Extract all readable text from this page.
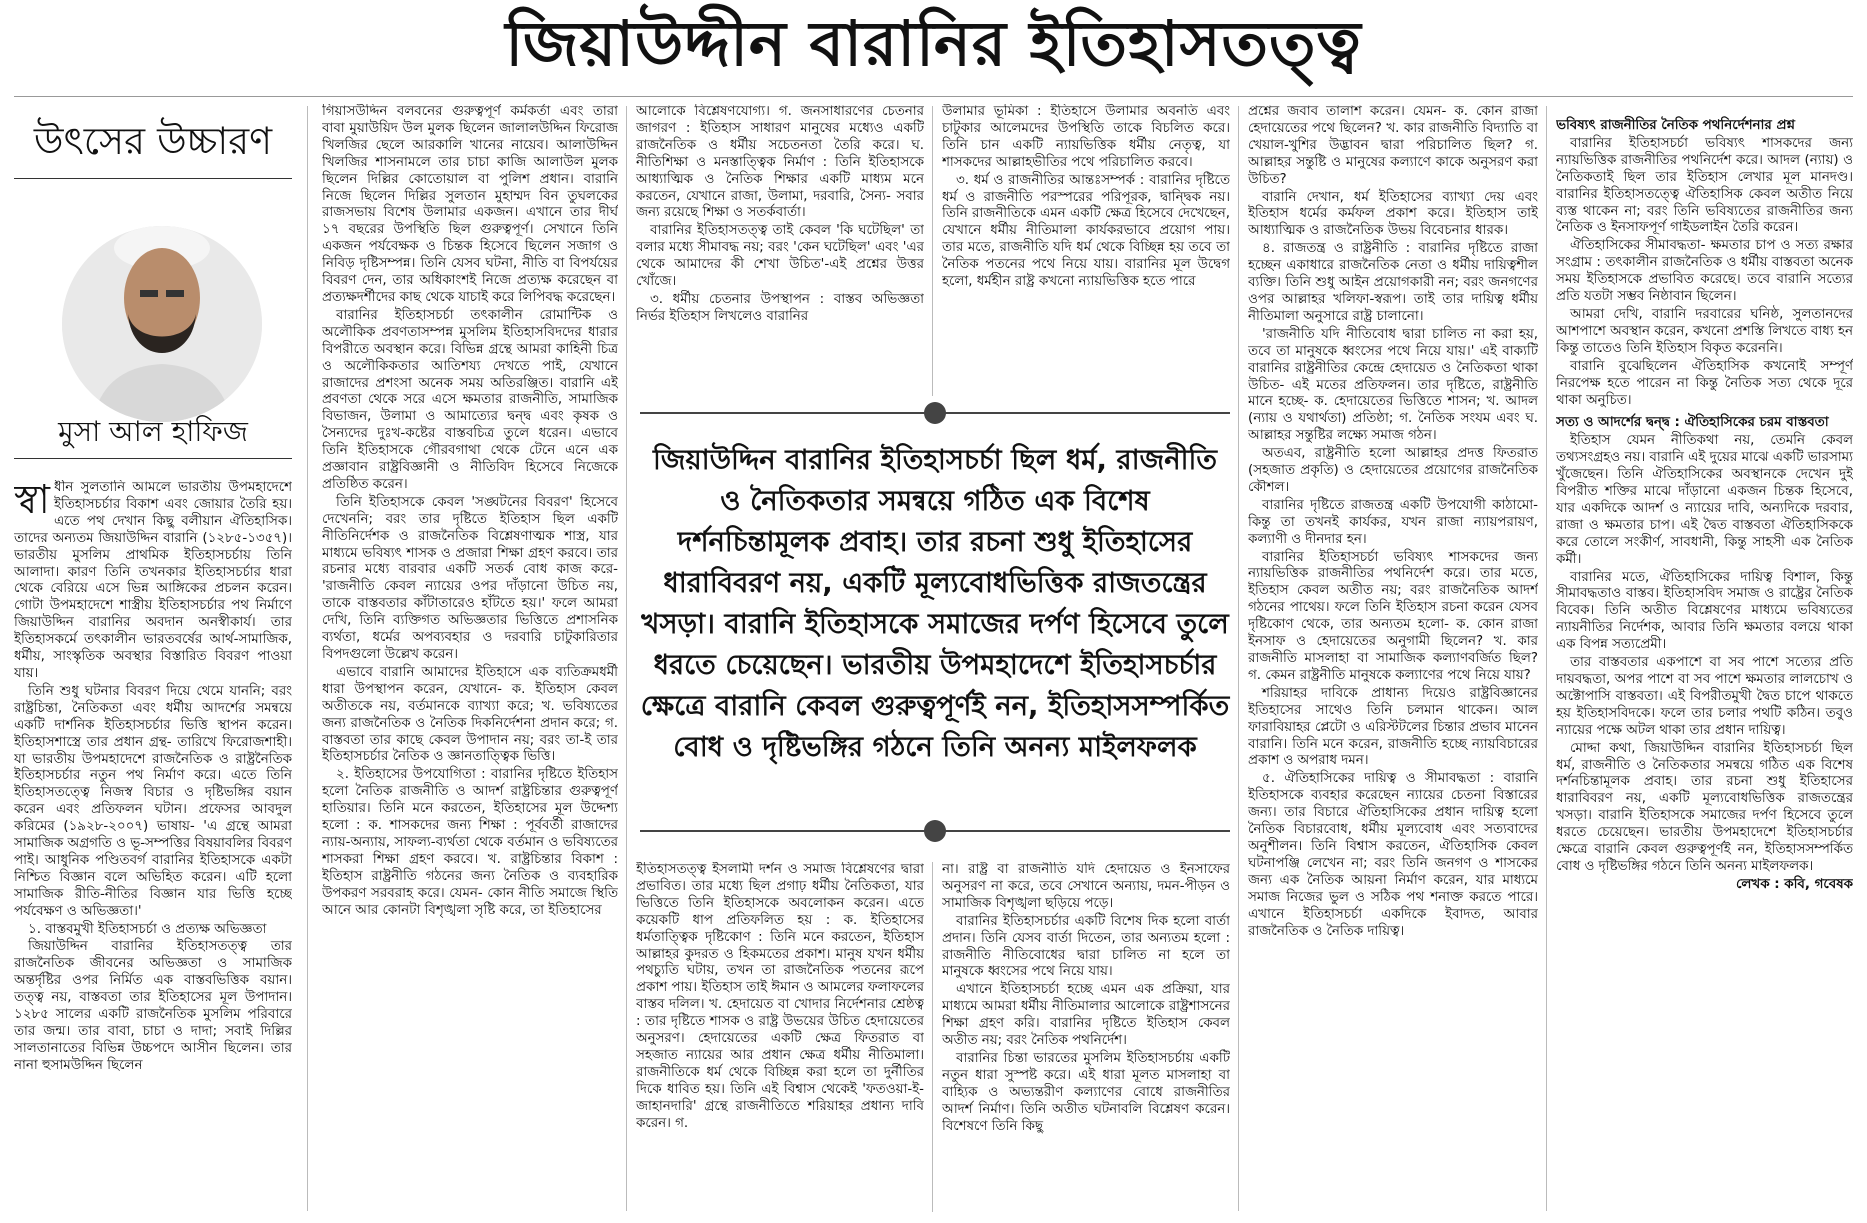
জিয়াউদ্দীন বারানির ইতিহাসতত্ত্ব
উৎসের উচ্চারণ
মুসা আল হাফিজ

স্বা ধীন সুলতানি আমলে ভারতীয় উপমহাদেশে ইতিহাসচর্চার বিকাশ এবং জোয়ার তৈরি হয়। এতে পথ দেখান কিছু বলীয়ান ঐতিহাসিক। তাদের অন্যতম জিয়াউদ্দিন বারানি (১২৮৫-১৩৫৭)। ভারতীয় মুসলিম প্রাথমিক ইতিহাসচর্চায় তিনি আলাদা। কারণ তিনি তখনকার ইতিহাসচর্চার ধারা থেকে বেরিয়ে এসে ভিন্ন আঙ্গিকের প্রচলন করেন। গোটা উপমহাদেশে শাস্ত্রীয় ইতিহাসচর্চার পথ নির্মাণে জিয়াউদ্দিন বারানির অবদান অনস্বীকার্য। তার ইতিহাসকর্মে তৎকালীন ভারতবর্ষের আর্থ-সামাজিক, ধর্মীয়, সাংস্কৃতিক অবস্থার বিস্তারিত বিবরণ পাওয়া যায়।

তিনি শুধু ঘটনার বিবরণ দিয়ে থেমে যাননি; বরং রাষ্ট্রচিন্তা, নৈতিকতা এবং ধর্মীয় আদর্শের সমন্বয়ে একটি দার্শনিক ইতিহাসচর্চার ভিত্তি স্থাপন করেন। ইতিহাসশাস্ত্রে তার প্রধান গ্রন্থ- তারিখে ফিরোজশাহী। যা ভারতীয় উপমহাদেশে রাজনৈতিক ও রাষ্ট্রনৈতিক ইতিহাসচর্চার নতুন পথ নির্মাণ করে। এতে তিনি ইতিহাসতত্ত্বে নিজস্ব বিচার ও দৃষ্টিভঙ্গির বয়ান করেন এবং প্রতিফলন ঘটান। প্রফেসর আবদুল করিমের (১৯২৮-২০০৭) ভাষায়- 'এ গ্রন্থে আমরা সামাজিক অগ্রগতি ও ভূ-সম্পত্তির বিষয়াবলির বিবরণ পাই। আধুনিক পণ্ডিতবর্গ বারানির ইতিহাসকে একটা নিশ্চিত বিজ্ঞান বলে অভিহিত করেন। এটি হলো সামাজিক রীতি-নীতির বিজ্ঞান যার ভিত্তি হচ্ছে পর্যবেক্ষণ ও অভিজ্ঞতা।'

১. বাস্তবমুখী ইতিহাসচর্চা ও প্রত্যক্ষ অভিজ্ঞতা

জিয়াউদ্দিন বারানির ইতিহাসতত্ত্ব তার রাজনৈতিক জীবনের অভিজ্ঞতা ও সামাজিক অন্তর্দৃষ্টির ওপর নির্মিত এক বাস্তবভিত্তিক বয়ান। তত্ত্ব নয়, বাস্তবতা তার ইতিহাসের মূল উপাদান। ১২৮৫ সালের একটি রাজনৈতিক মুসলিম পরিবারে তার জন্ম। তার বাবা, চাচা ও দাদা; সবাই দিল্লির সালতানাতের বিভিন্ন উচ্চপদে আসীন ছিলেন। তার নানা হুসামউদ্দিন ছিলেন

গিয়াসউদ্দিন বলবনের গুরুত্বপূর্ণ কর্মকর্তা এবং তারা বাবা মুয়াউয়িদ উল মুলক ছিলেন জালালউদ্দিন ফিরোজ খিলজির ছেলে আরকালি খানের নায়েব। আলাউদ্দিন খিলজির শাসনামলে তার চাচা কাজি আলাউল মুলক ছিলেন দিল্লির কোতোয়াল বা পুলিশ প্রধান। বারানি নিজে ছিলেন দিল্লির সুলতান মুহাম্মদ বিন তুঘলকের রাজসভায় বিশেষ উলামার একজন। এখানে তার দীর্ঘ ১৭ বছরের উপস্থিতি ছিল গুরুত্বপূর্ণ। সেখানে তিনি একজন পর্যবেক্ষক ও চিন্তক হিসেবে ছিলেন সজাগ ও নিবিড় দৃষ্টিসম্পন্ন। তিনি যেসব ঘটনা, নীতি বা বিপর্যয়ের বিবরণ দেন, তার অধিকাংশই নিজে প্রত্যক্ষ করেছেন বা প্রত্যক্ষদর্শীদের কাছ থেকে যাচাই করে লিপিবদ্ধ করেছেন।

বারানির ইতিহাসচর্চা তৎকালীন রোমান্টিক ও অলৌকিক প্রবণতাসম্পন্ন মুসলিম ইতিহাসবিদদের ধারার বিপরীতে অবস্থান করে। বিভিন্ন গ্রন্থে আমরা কাহিনী চিত্র ও অলৌকিকতার আতিশয্য দেখতে পাই, যেখানে রাজাদের প্রশংসা অনেক সময় অতিরঞ্জিত। বারানি এই প্রবণতা থেকে সরে এসে ক্ষমতার রাজনীতি, সামাজিক বিভাজন, উলামা ও আমাত্যের দ্বন্দ্ব এবং কৃষক ও সৈন্যদের দুঃখ-কষ্টের বাস্তবচিত্র তুলে ধরেন। এভাবে তিনি ইতিহাসকে গৌরবগাথা থেকে টেনে এনে এক প্রজ্ঞাবান রাষ্ট্রবিজ্ঞানী ও নীতিবিদ হিসেবে নিজেকে প্রতিষ্ঠিত করেন।

তিনি ইতিহাসকে কেবল 'সঙ্ঘটনের বিবরণ' হিসেবে দেখেননি; বরং তার দৃষ্টিতে ইতিহাস ছিল একটি নীতিনির্দেশক ও রাজনৈতিক বিশ্লেষণাত্মক শাস্ত্র, যার মাধ্যমে ভবিষ্যৎ শাসক ও প্রজারা শিক্ষা গ্রহণ করবে। তার রচনার মধ্যে বারবার একটি সতর্ক বোধ কাজ করে- 'রাজনীতি কেবল ন্যায়ের ওপর দাঁড়ানো উচিত নয়, তাকে বাস্তবতার কাঁটাতারেও হাঁটতে হয়।' ফলে আমরা দেখি, তিনি ব্যক্তিগত অভিজ্ঞতার ভিত্তিতে প্রশাসনিক ব্যর্থতা, ধর্মের অপব্যবহার ও দরবারি চাটুকারিতার বিপদগুলো উল্লেখ করেন।

এভাবে বারানি আমাদের ইতিহাসে এক ব্যতিক্রমধর্মী ধারা উপস্থাপন করেন, যেখানে- ক. ইতিহাস কেবল অতীতকে নয়, বর্তমানকে ব্যাখ্যা করে; খ. ভবিষ্যতের জন্য রাজনৈতিক ও নৈতিক দিকনির্দেশনা প্রদান করে; গ. বাস্তবতা তার কাছে কেবল উপাদান নয়; বরং তা-ই তার ইতিহাসচর্চার নৈতিক ও জ্ঞানতাত্ত্বিক ভিত্তি।

২. ইতিহাসের উপযোগিতা : বারানির দৃষ্টিতে ইতিহাস হলো নৈতিক রাজনীতি ও আদর্শ রাষ্ট্রচিন্তার গুরুত্বপূর্ণ হাতিয়ার। তিনি মনে করতেন, ইতিহাসের মূল উদ্দেশ্য হলো : ক. শাসকদের জন্য শিক্ষা : পূর্ববর্তী রাজাদের ন্যায়-অন্যায়, সাফল্য-ব্যর্থতা থেকে বর্তমান ও ভবিষ্যতের শাসকরা শিক্ষা গ্রহণ করবে। খ. রাষ্ট্রচিন্তার বিকাশ : ইতিহাস রাষ্ট্রনীতি গঠনের জন্য নৈতিক ও ব্যবহারিক উপকরণ সরবরাহ করে। যেমন- কোন নীতি সমাজে স্থিতি আনে আর কোনটা বিশৃঙ্খলা সৃষ্টি করে, তা ইতিহাসের

আলোকে বিশ্লেষণযোগ্য। গ. জনসাধারণের চেতনার জাগরণ : ইতিহাস সাধারণ মানুষের মধ্যেও একটি রাজনৈতিক ও ধর্মীয় সচেতনতা তৈরি করে। ঘ. নীতিশিক্ষা ও মনস্তাত্ত্বিক নির্মাণ : তিনি ইতিহাসকে আধ্যাত্মিক ও নৈতিক শিক্ষার একটি মাধ্যম মনে করতেন, যেখানে রাজা, উলামা, দরবারি, সৈন্য- সবার জন্য রয়েছে শিক্ষা ও সতর্কবার্তা।

বারানির ইতিহাসতত্ত্ব তাই কেবল 'কি ঘটেছিল' তা বলার মধ্যে সীমাবদ্ধ নয়; বরং 'কেন ঘটেছিল' এবং 'এর থেকে আমাদের কী শেখা উচিত'-এই প্রশ্নের উত্তর খোঁজে।

৩. ধর্মীয় চেতনার উপস্থাপন : বাস্তব অভিজ্ঞতা নির্ভর ইতিহাস লিখলেও বারানির

উলামার ভূমিকা : ইতিহাসে উলামার অবনতি এবং চাটুকার আলেমদের উপস্থিতি তাকে বিচলিত করে। তিনি চান একটি ন্যায়ভিত্তিক ধর্মীয় নেতৃত্ব, যা শাসকদের আল্লাহভীতির পথে পরিচালিত করবে।

৩. ধর্ম ও রাজনীতির আন্তঃসম্পর্ক : বারানির দৃষ্টিতে ধর্ম ও রাজনীতি পরস্পরের পরিপূরক, দ্বান্দ্বিক নয়। তিনি রাজনীতিকে এমন একটি ক্ষেত্র হিসেবে দেখেছেন, যেখানে ধর্মীয় নীতিমালা কার্যকরভাবে প্রয়োগ পায়। তার মতে, রাজনীতি যদি ধর্ম থেকে বিচ্ছিন্ন হয় তবে তা নৈতিক পতনের পথে নিয়ে যায়। বারানির মূল উদ্বেগ হলো, ধর্মহীন রাষ্ট্র কখনো ন্যায়ভিত্তিক হতে পারে

জিয়াউদ্দিন বারানির ইতিহাসচর্চা ছিল ধর্ম, রাজনীতি ও নৈতিকতার সমন্বয়ে গঠিত এক বিশেষ দর্শনচিন্তামূলক প্রবাহ। তার রচনা শুধু ইতিহাসের ধারাবিবরণ নয়, একটি মূল্যবোধভিত্তিক রাজতন্ত্রের খসড়া। বারানি ইতিহাসকে সমাজের দর্পণ হিসেবে তুলে ধরতে চেয়েছেন। ভারতীয় উপমহাদেশে ইতিহাসচর্চার ক্ষেত্রে বারানি কেবল গুরুত্বপূর্ণই নন, ইতিহাসসম্পর্কিত বোধ ও দৃষ্টিভঙ্গির গঠনে তিনি অনন্য মাইলফলক

ইতিহাসতত্ত্ব ইসলামী দর্শন ও সমাজ বিশ্লেষণের দ্বারা প্রভাবিত। তার মধ্যে ছিল প্রগাঢ় ধর্মীয় নৈতিকতা, যার ভিত্তিতে তিনি ইতিহাসকে অবলোকন করেন। এতে কয়েকটি ধাপ প্রতিফলিত হয় : ক. ইতিহাসের ধর্মতাত্ত্বিক দৃষ্টিকোণ : তিনি মনে করতেন, ইতিহাস আল্লাহর কুদরত ও হিকমতের প্রকাশ। মানুষ যখন ধর্মীয় পথচ্যুতি ঘটায়, তখন তা রাজনৈতিক পতনের রূপে প্রকাশ পায়। ইতিহাস তাই ঈমান ও আমলের ফলাফলের বাস্তব দলিল। খ. হেদায়েত বা খোদার নির্দেশনার শ্রেষ্ঠত্ব : তার দৃষ্টিতে শাসক ও রাষ্ট্র উভয়ের উচিত হেদায়েতের অনুসরণ। হেদায়েতের একটি ক্ষেত্র ফিতরাত বা সহজাত ন্যায়ের আর প্রধান ক্ষেত্র ধর্মীয় নীতিমালা। রাজনীতিকে ধর্ম থেকে বিচ্ছিন্ন করা হলে তা দুর্নীতির দিকে ধাবিত হয়। তিনি এই বিশ্বাস থেকেই 'ফতওয়া-ই-জাহানদারি' গ্রন্থে রাজনীতিতে শরিয়াহর প্রধান্য দাবি করেন। গ.

না। রাষ্ট্র বা রাজনীতি যদি হেদায়েত ও ইনসাফের অনুসরণ না করে, তবে সেখানে অন্যায়, দমন-পীড়ন ও সামাজিক বিশৃঙ্খলা ছড়িয়ে পড়ে।

বারানির ইতিহাসচর্চার একটি বিশেষ দিক হলো বার্তা প্রদান। তিনি যেসব বার্তা দিতেন, তার অন্যতম হলো : রাজনীতি নীতিবোধের দ্বারা চালিত না হলে তা মানুষকে ধ্বংসের পথে নিয়ে যায়।

এখানে ইতিহাসচর্চা হচ্ছে এমন এক প্রক্রিয়া, যার মাধ্যমে আমরা ধর্মীয় নীতিমালার আলোকে রাষ্ট্রশাসনের শিক্ষা গ্রহণ করি। বারানির দৃষ্টিতে ইতিহাস কেবল অতীত নয়; বরং নৈতিক পথনির্দেশ।

বারানির চিন্তা ভারতের মুসলিম ইতিহাসচর্চায় একটি নতুন ধারা সুস্পষ্ট করে। এই ধারা মূলত মাসলাহা বা বাহ্যিক ও অভ্যন্তরীণ কল্যাণের বোধে রাজনীতির আদর্শ নির্মাণ। তিনি অতীত ঘটনাবলি বিশ্লেষণ করেন। বিশেষণে তিনি কিছু

প্রশ্নের জবাব তালাশ করেন। যেমন- ক. কোন রাজা হেদায়েতের পথে ছিলেন? খ. কার রাজনীতি বিদ্যাতি বা খেয়াল-খুশির উদ্ভাবন দ্বারা পরিচালিত ছিল? গ. আল্লাহর সন্তুষ্টি ও মানুষের কল্যাণে কাকে অনুসরণ করা উচিত?

বারানি দেখান, ধর্ম ইতিহাসের ব্যাখ্যা দেয় এবং ইতিহাস ধর্মের কর্মফল প্রকাশ করে। ইতিহাস তাই আধ্যাত্মিক ও রাজনৈতিক উভয় বিবেচনার ধারক।

৪. রাজতন্ত্র ও রাষ্ট্রনীতি : বারানির দৃষ্টিতে রাজা হচ্ছেন একাধারে রাজনৈতিক নেতা ও ধর্মীয় দায়িত্বশীল ব্যক্তি। তিনি শুধু আইন প্রয়োগকারী নন; বরং জনগণের ওপর আল্লাহর খলিফা-স্বরূপ। তাই তার দায়িত্ব ধর্মীয় নীতিমালা অনুসারে রাষ্ট্র চালানো।

'রাজনীতি যদি নীতিবোধ দ্বারা চালিত না করা হয়, তবে তা মানুষকে ধ্বংসের পথে নিয়ে যায়।' এই বাক্যটি বারানির রাষ্ট্রনীতির কেন্দ্রে হেদায়েত ও নৈতিকতা থাকা উচিত- এই মতের প্রতিফলন। তার দৃষ্টিতে, রাষ্ট্রনীতি মানে হচ্ছে- ক. হেদায়েতের ভিত্তিতে শাসন; খ. আদল (ন্যায় ও যথার্থতা) প্রতিষ্ঠা; গ. নৈতিক সংযম এবং ঘ. আল্লাহর সন্তুষ্টির লক্ষ্যে সমাজ গঠন।

অতএব, রাষ্ট্রনীতি হলো আল্লাহর প্রদত্ত ফিতরাত (সহজাত প্রকৃতি) ও হেদায়েতের প্রয়োগের রাজনৈতিক কৌশল।

বারানির দৃষ্টিতে রাজতন্ত্র একটি উপযোগী কাঠামো- কিন্তু তা তখনই কার্যকর, যখন রাজা ন্যায়পরায়ণ, কল্যাণী ও দীনদার হন।

বারানির ইতিহাসচর্চা ভবিষ্যৎ শাসকদের জন্য ন্যায়ভিত্তিক রাজনীতির পথনির্দেশ করে। তার মতে, ইতিহাস কেবল অতীত নয়; বরং রাজনৈতিক আদর্শ গঠনের পাথেয়। ফলে তিনি ইতিহাস রচনা করেন যেসব দৃষ্টিকোণ থেকে, তার অন্যতম হলো- ক. কোন রাজা ইনসাফ ও হেদায়েতের অনুগামী ছিলেন? খ. কার রাজনীতি মাসলাহা বা সামাজিক কল্যাণবর্জিত ছিল? গ. কেমন রাষ্ট্রনীতি মানুষকে কল্যাণের পথে নিয়ে যায়?

শরিয়াহর দাবিকে প্রাধান্য দিয়েও রাষ্ট্রবিজ্ঞানের ইতিহাসের সাথেও তিনি চলমান থাকেন। আল ফারাবিয়াহর প্লেটো ও এরিস্টটলের চিন্তার প্রভাব মানেন বারানি। তিনি মনে করেন, রাজনীতি হচ্ছে ন্যায়বিচারের প্রকাশ ও অপরাধ দমন।

৫. ঐতিহাসিকের দায়িত্ব ও সীমাবদ্ধতা : বারানি ইতিহাসকে ব্যবহার করেছেন ন্যায়ের চেতনা বিস্তারের জন্য। তার বিচারে ঐতিহাসিকের প্রধান দায়িত্ব হলো নৈতিক বিচারবোধ, ধর্মীয় মূল্যবোধ এবং সত্যবাদের অনুশীলন। তিনি বিশ্বাস করতেন, ঐতিহাসিক কেবল ঘটনাপঞ্জি লেখেন না; বরং তিনি জনগণ ও শাসকের জন্য এক নৈতিক আয়না নির্মাণ করেন, যার মাধ্যমে সমাজ নিজের ভুল ও সঠিক পথ শনাক্ত করতে পারে। এখানে ইতিহাসচর্চা একদিকে ইবাদত, আবার রাজনৈতিক ও নৈতিক দায়িত্ব।

ভবিষ্যৎ রাজনীতির নৈতিক পথনির্দেশনার প্রশ্ন

বারানির ইতিহাসচর্চা ভবিষ্যৎ শাসকদের জন্য ন্যায়ভিত্তিক রাজনীতির পথনির্দেশ করে। আদল (ন্যায়) ও নৈতিকতাই ছিল তার ইতিহাস লেখার মূল মানদণ্ড। বারানির ইতিহাসতত্ত্বে ঐতিহাসিক কেবল অতীত নিয়ে ব্যস্ত থাকেন না; বরং তিনি ভবিষ্যতের রাজনীতির জন্য নৈতিক ও ইনসাফপূর্ণ গাইডলাইন তৈরি করেন।

ঐতিহাসিকের সীমাবদ্ধতা- ক্ষমতার চাপ ও সত্য রক্ষার সংগ্রাম : তৎকালীন রাজনৈতিক ও ধর্মীয় বাস্তবতা অনেক সময় ইতিহাসকে প্রভাবিত করেছে। তবে বারানি সত্যের প্রতি যতটা সম্ভব নিষ্ঠাবান ছিলেন।

আমরা দেখি, বারানি দরবারের ঘনিষ্ঠ, সুলতানদের আশপাশে অবস্থান করেন, কখনো প্রশস্তি লিখতে বাধ্য হন কিন্তু তাতেও তিনি ইতিহাস বিকৃত করেননি।

বারানি বুঝেছিলেন ঐতিহাসিক কখনোই সম্পূর্ণ নিরপেক্ষ হতে পারেন না কিন্তু নৈতিক সত্য থেকে দূরে থাকা অনুচিত।

সত্য ও আদর্শের দ্বন্দ্ব : ঐতিহাসিকের চরম বাস্তবতা

ইতিহাস যেমন নীতিকথা নয়, তেমনি কেবল তথ্যসংগ্রহও নয়। বারানি এই দুয়ের মাঝে একটি ভারসাম্য খুঁজেছেন। তিনি ঐতিহাসিকের অবস্থানকে দেখেন দুই বিপরীত শক্তির মাঝে দাঁড়ানো একজন চিন্তক হিসেবে, যার একদিকে আদর্শ ও ন্যায়ের দাবি, অন্যদিকে দরবার, রাজা ও ক্ষমতার চাপ। এই দ্বৈত বাস্তবতা ঐতিহাসিককে করে তোলে সংকীর্ণ, সাবধানী, কিন্তু সাহসী এক নৈতিক কর্মী।

বারানির মতে, ঐতিহাসিকের দায়িত্ব বিশাল, কিন্তু সীমাবদ্ধতাও বাস্তব। ইতিহাসবিদ সমাজ ও রাষ্ট্রের নৈতিক বিবেক। তিনি অতীত বিশ্লেষণের মাধ্যমে ভবিষ্যতের ন্যায়নীতির নির্দেশক, আবার তিনি ক্ষমতার বলয়ে থাকা এক বিপন্ন সত্যপ্রেমী।

তার বাস্তবতার একপাশে বা সব পাশে সত্যের প্রতি দায়বদ্ধতা, অপর পাশে বা সব পাশে ক্ষমতার লালচোখ ও অক্টোপাসি বাস্তবতা। এই বিপরীতমুখী দ্বৈত চাপে থাকতে হয় ইতিহাসবিদকে। ফলে তার চলার পথটি কঠিন। তবুও ন্যায়ের পক্ষে অটল থাকা তার প্রধান দায়িত্ব।

মোদ্দা কথা, জিয়াউদ্দিন বারানির ইতিহাসচর্চা ছিল ধর্ম, রাজনীতি ও নৈতিকতার সমন্বয়ে গঠিত এক বিশেষ দর্শনচিন্তামূলক প্রবাহ। তার রচনা শুধু ইতিহাসের ধারাবিবরণ নয়, একটি মূল্যবোধভিত্তিক রাজতন্ত্রের খসড়া। বারানি ইতিহাসকে সমাজের দর্পণ হিসেবে তুলে ধরতে চেয়েছেন। ভারতীয় উপমহাদেশে ইতিহাসচর্চার ক্ষেত্রে বারানি কেবল গুরুত্বপূর্ণই নন, ইতিহাসসম্পর্কিত বোধ ও দৃষ্টিভঙ্গির গঠনে তিনি অনন্য মাইলফলক।

লেখক : কবি, গবেষক
